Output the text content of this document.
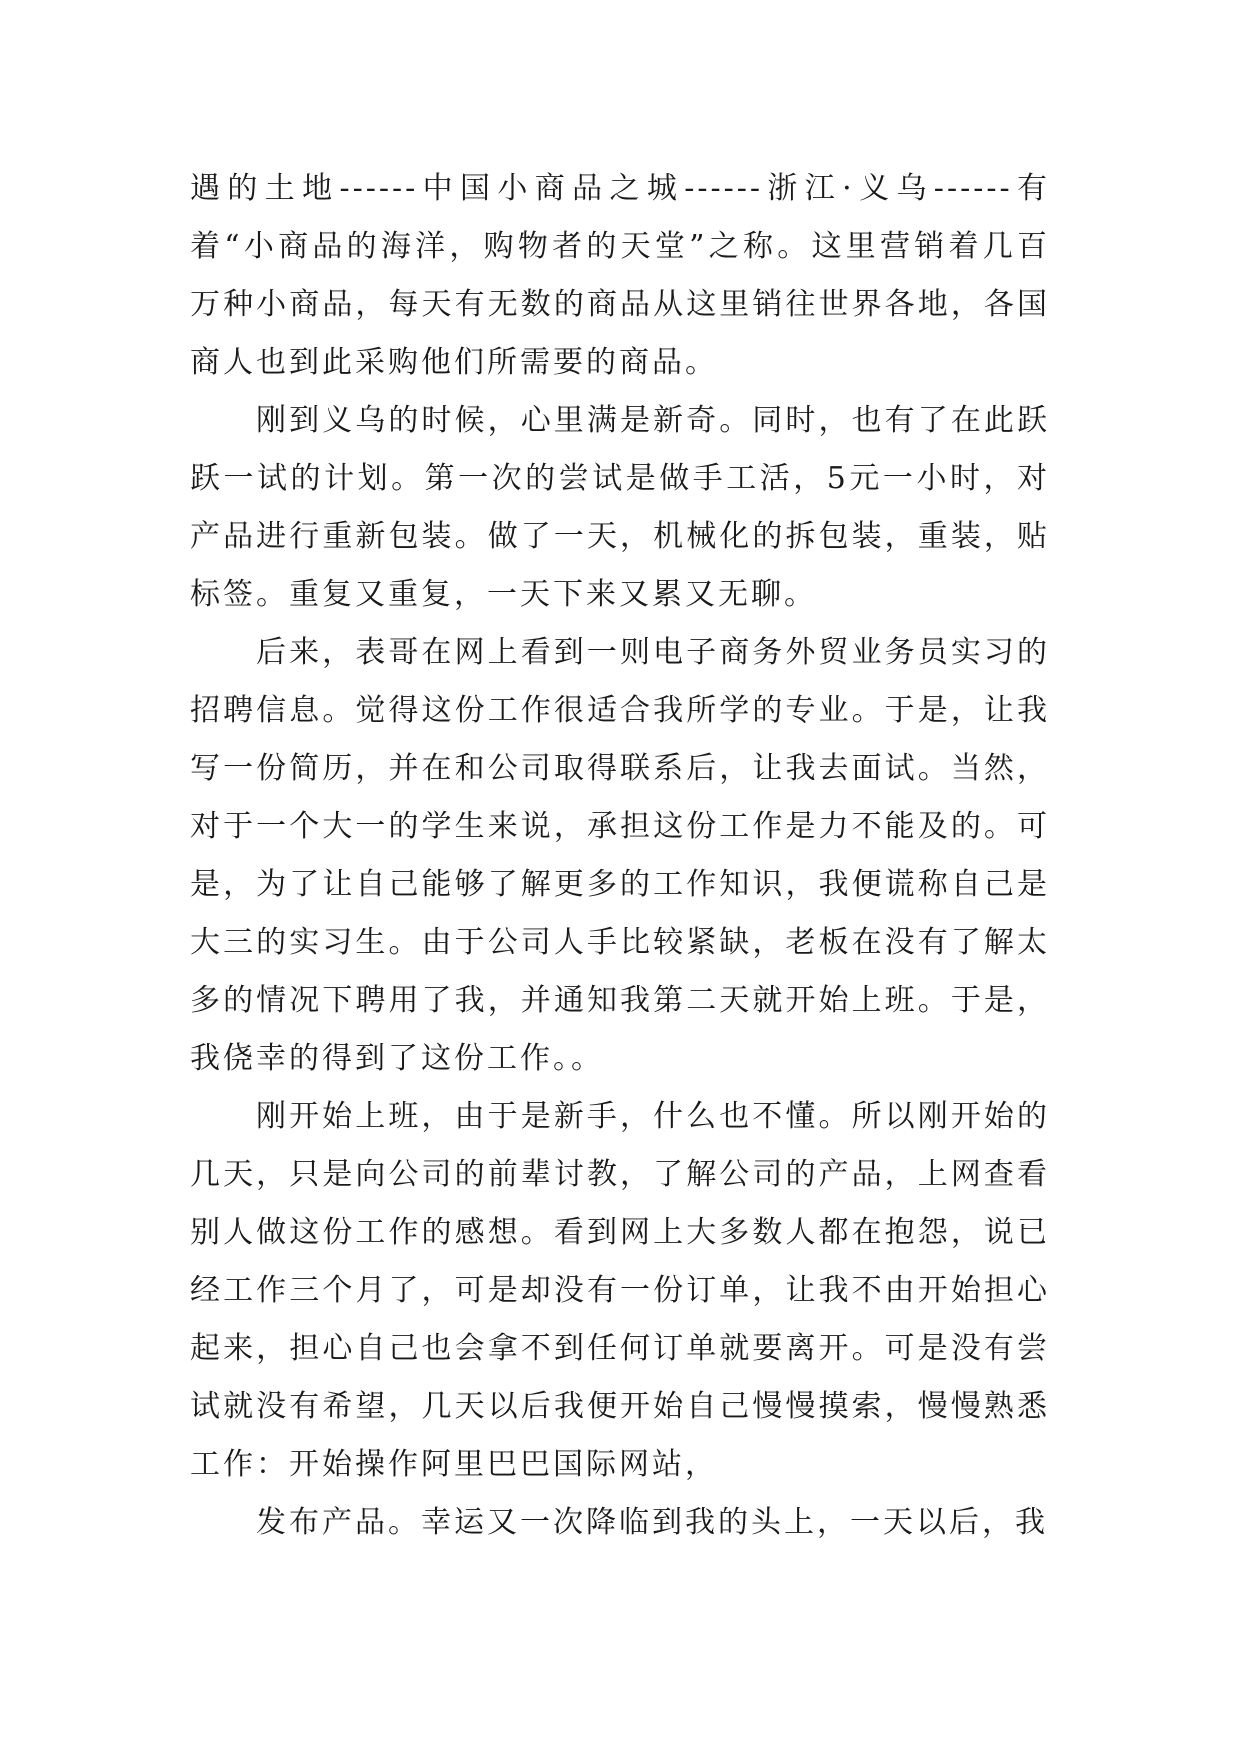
遇的土地------中国小商品之城------浙江·义乌------有着“小商品的海洋，购物者的天堂”之称。这里营销着几百万种小商品，每天有无数的商品从这里销往世界各地，各国商人也到此采购他们所需要的商品。

刚到义乌的时候，心里满是新奇。同时，也有了在此跃跃一试的计划。第一次的尝试是做手工活，5元一小时，对产品进行重新包装。做了一天，机械化的拆包装，重装，贴标签。重复又重复，一天下来又累又无聊。

后来，表哥在网上看到一则电子商务外贸业务员实习的招聘信息。觉得这份工作很适合我所学的专业。于是，让我写一份简历，并在和公司取得联系后，让我去面试。当然，对于一个大一的学生来说，承担这份工作是力不能及的。可是，为了让自己能够了解更多的工作知识，我便谎称自己是大三的实习生。由于公司人手比较紧缺，老板在没有了解太多的情况下聘用了我，并通知我第二天就开始上班。于是，我侥幸的得到了这份工作。。

刚开始上班，由于是新手，什么也不懂。所以刚开始的几天，只是向公司的前辈讨教，了解公司的产品，上网查看别人做这份工作的感想。看到网上大多数人都在抱怨，说已经工作三个月了，可是却没有一份订单，让我不由开始担心起来，担心自己也会拿不到任何订单就要离开。可是没有尝试就没有希望，几天以后我便开始自己慢慢摸索，慢慢熟悉工作：开始操作阿里巴巴国际网站，

发布产品。幸运又一次降临到我的头上，一天以后，我
